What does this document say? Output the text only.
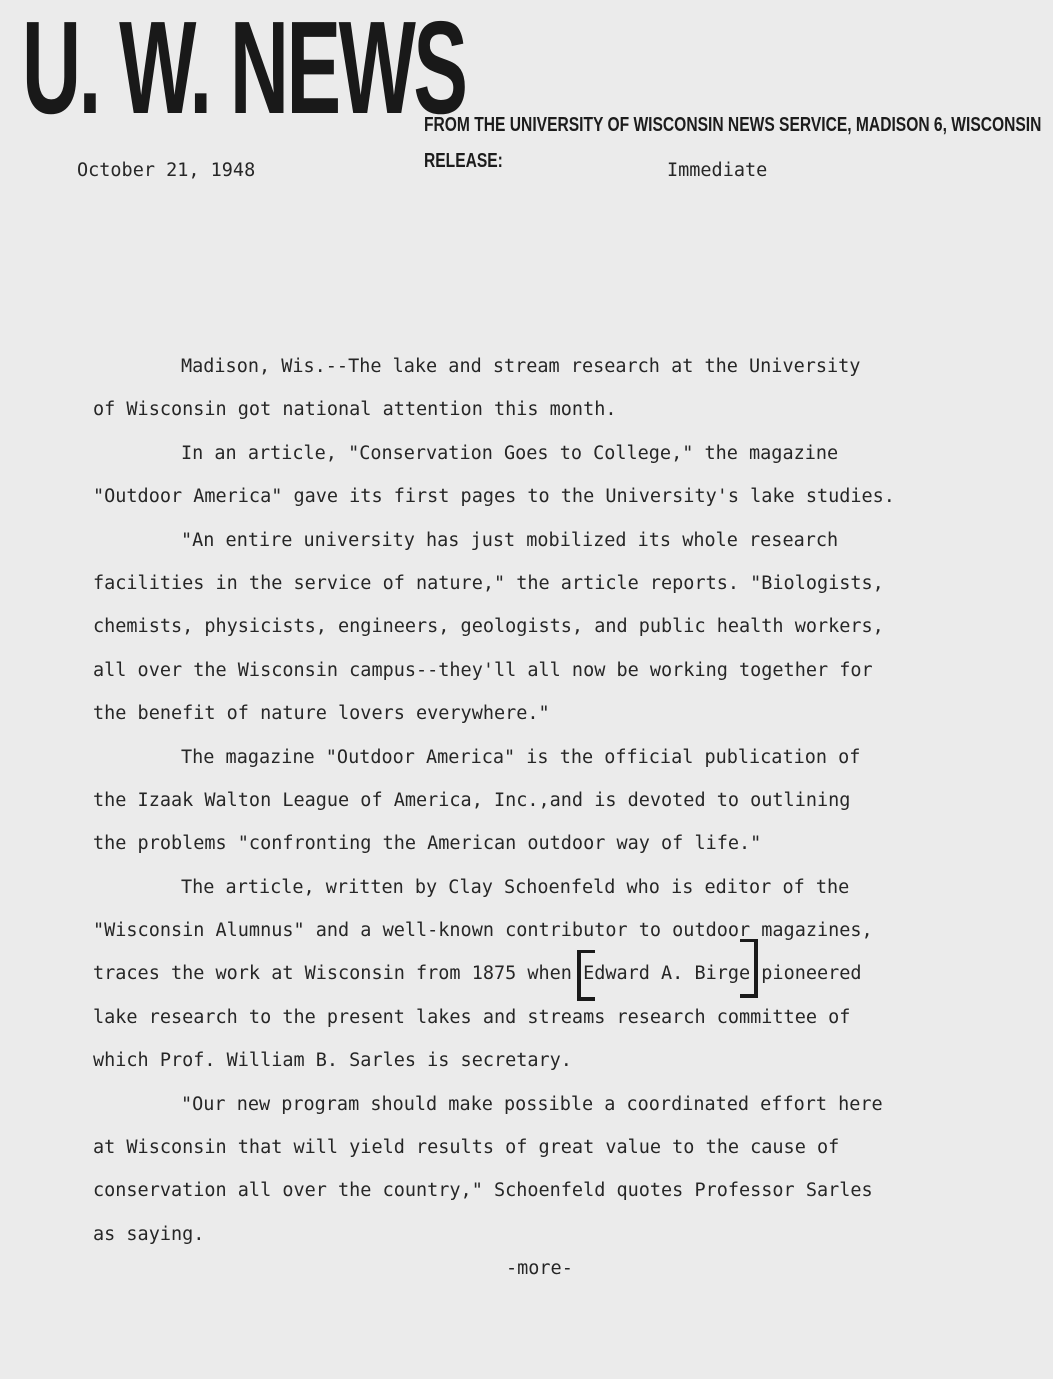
U. W. NEWS
FROM THE UNIVERSITY OF WISCONSIN NEWS SERVICE, MADISON 6, WISCONSIN
RELEASE:
October 21, 1948	Immediate
Madison, Wis.--The lake and stream research at the University
of Wisconsin got national attention this month.
In an article, "Conservation Goes to College," the magazine
"Outdoor America" gave its first pages to the University's lake studies.
"An entire university has just mobilized its whole research
facilities in the service of nature," the article reports. "Biologists,
chemists, physicists, engineers, geologists, and public health workers,
all over the Wisconsin campus--they'll all now be working together for
the benefit of nature lovers everywhere."
The magazine "Outdoor America" is the official publication of
the Izaak Walton League of America, Inc.,and is devoted to outlining
the problems "confronting the American outdoor way of life."
The article, written by Clay Schoenfeld who is editor of the
"Wisconsin Alumnus" and a well-known contributor to outdoor magazines,
traces the work at Wisconsin from 1875 when Edward A. Birge pioneered
lake research to the present lakes and streams research committee of
which Prof. William B. Sarles is secretary.
"Our new program should make possible a coordinated effort here
at Wisconsin that will yield results of great value to the cause of
conservation all over the country," Schoenfeld quotes Professor Sarles
as saying.
-more-
